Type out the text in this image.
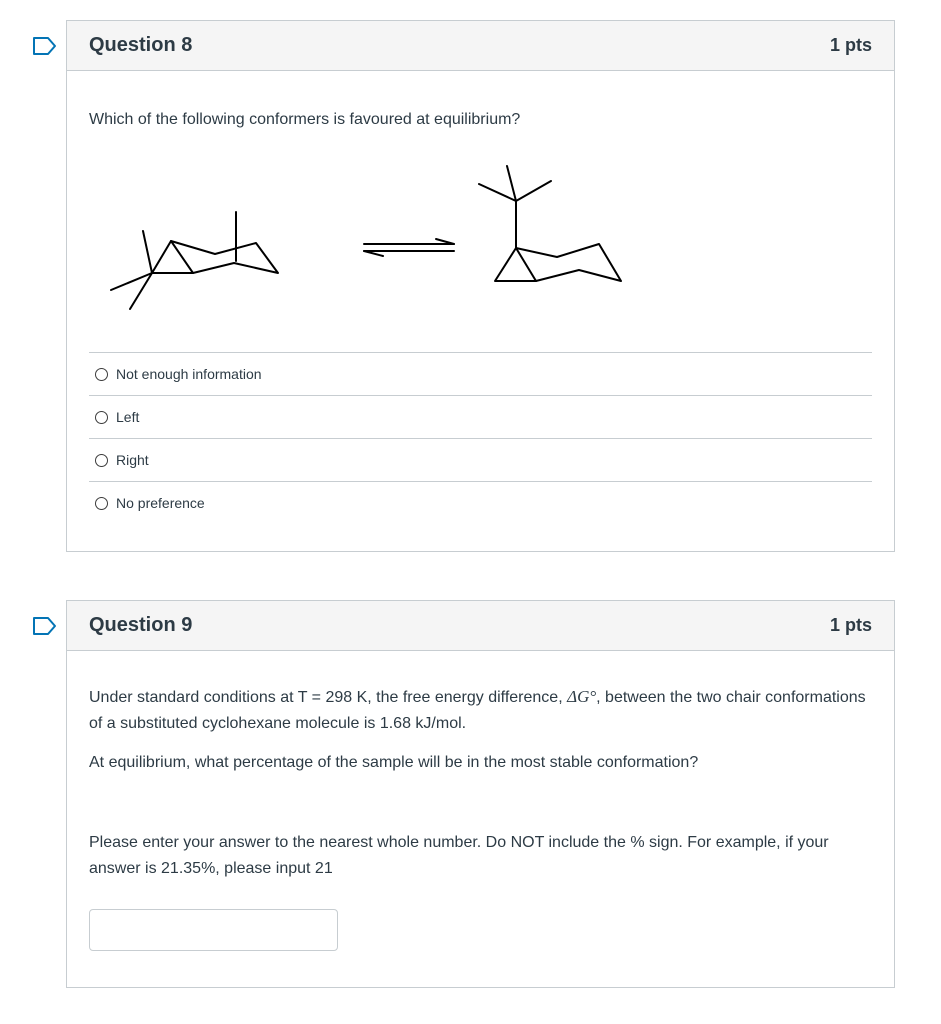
Question 8	1 pts

Which of the following conformers is favoured at equilibrium?

Not enough information
Left
Right
No preference
Question 9	1 pts

Under standard conditions at T = 298 K, the free energy difference, ΔG°, between the two chair conformations of a substituted cyclohexane molecule is 1.68 kJ/mol.

At equilibrium, what percentage of the sample will be in the most stable conformation?

Please enter your answer to the nearest whole number. Do NOT include the % sign. For example, if your answer is 21.35%, please input 21
